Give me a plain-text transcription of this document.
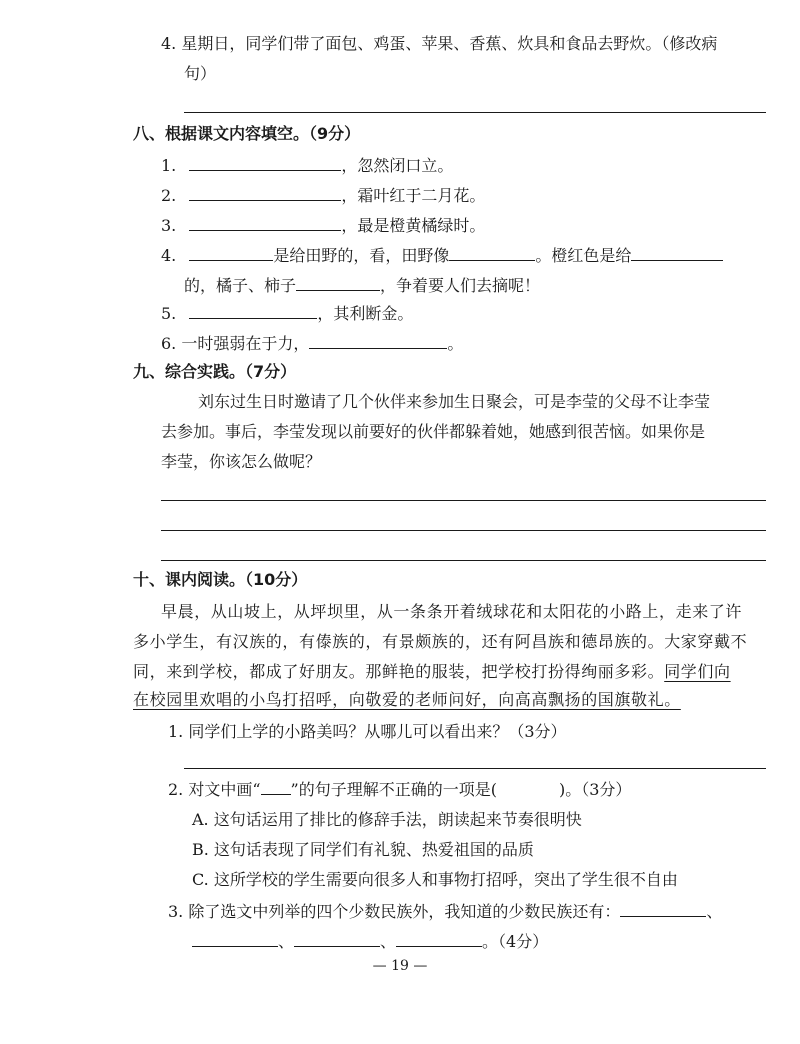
4. 星期日，同学们带了面包、鸡蛋、苹果、香蕉、炊具和食品去野炊。（修改病
句）
八、根据课文内容填空。（9分）
1.	，忽然闭口立。
2.	，霜叶红于二月花。
3.	，最是橙黄橘绿时。
4.	是给田野的，看，田野像	。橙红色是给
的，橘子、柿子	，争着要人们去摘呢！
5.	，其利断金。
6. 一时强弱在于力，	。
九、综合实践。（7分）
刘东过生日时邀请了几个伙伴来参加生日聚会，可是李莹的父母不让李莹
去参加。事后，李莹发现以前要好的伙伴都躲着她，她感到很苦恼。如果你是
李莹，你该怎么做呢？
十、课内阅读。（10分）
早晨，从山坡上，从坪坝里，从一条条开着绒球花和太阳花的小路上，走来了许
多小学生，有汉族的，有傣族的，有景颇族的，还有阿昌族和德昂族的。大家穿戴不
同，来到学校，都成了好朋友。那鲜艳的服装，把学校打扮得绚丽多彩。同学们向
在校园里欢唱的小鸟打招呼，向敬爱的老师问好，向高高飘扬的国旗敬礼。
1. 同学们上学的小路美吗？从哪儿可以看出来？（3分）
2. 对文中画“ ”的句子理解不正确的一项是(	)。（3分）
A. 这句话运用了排比的修辞手法，朗读起来节奏很明快
B. 这句话表现了同学们有礼貌、热爱祖国的品质
C. 这所学校的学生需要向很多人和事物打招呼，突出了学生很不自由
3. 除了选文中列举的四个少数民族外，我知道的少数民族还有：	、
、	、	。（4分）
— 19 —
